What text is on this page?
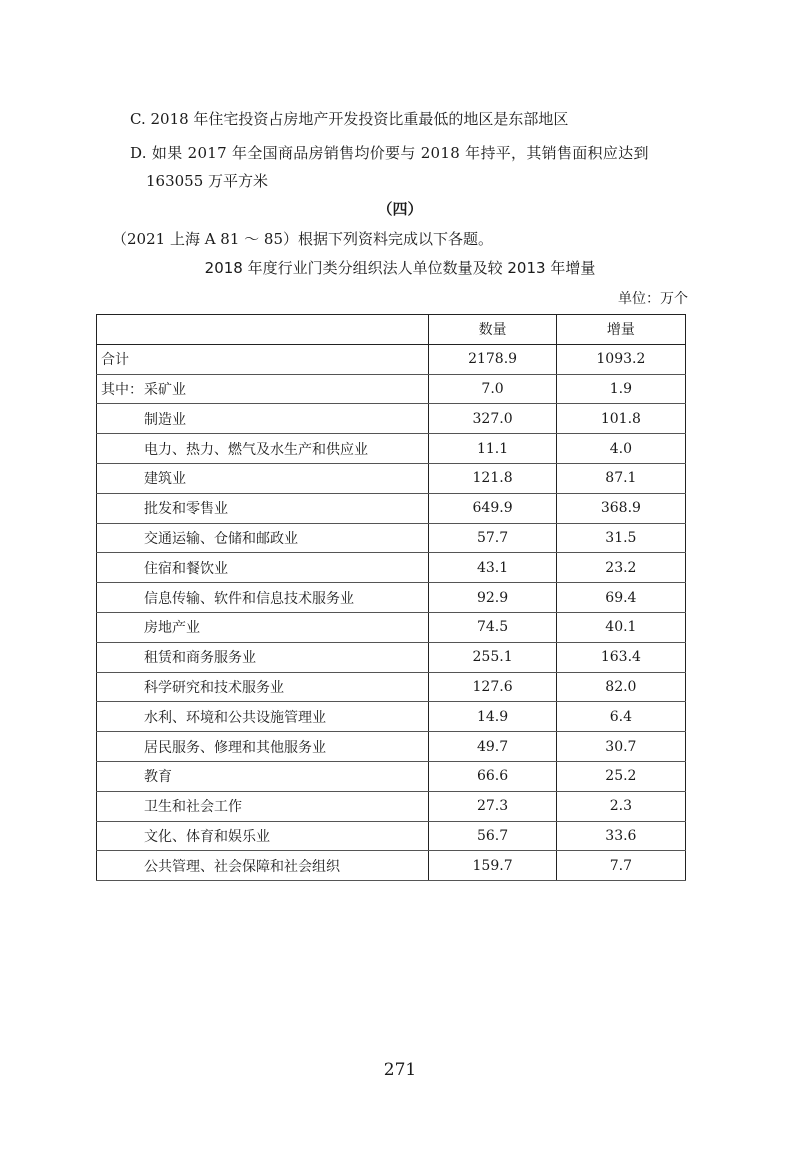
C. 2018 年住宅投资占房地产开发投资比重最低的地区是东部地区
D. 如果 2017 年全国商品房销售均价要与 2018 年持平，其销售面积应达到
163055 万平方米
（四）
（2021 上海 A 81 ～ 85）根据下列资料完成以下各题。
2018 年度行业门类分组织法人单位数量及较 2013 年增量
单位：万个
	数量	增量
合计	2178.9	1093.2
其中：采矿业	7.0	1.9
制造业	327.0	101.8
电力、热力、燃气及水生产和供应业	11.1	4.0
建筑业	121.8	87.1
批发和零售业	649.9	368.9
交通运输、仓储和邮政业	57.7	31.5
住宿和餐饮业	43.1	23.2
信息传输、软件和信息技术服务业	92.9	69.4
房地产业	74.5	40.1
租赁和商务服务业	255.1	163.4
科学研究和技术服务业	127.6	82.0
水利、环境和公共设施管理业	14.9	6.4
居民服务、修理和其他服务业	49.7	30.7
教育	66.6	25.2
卫生和社会工作	27.3	2.3
文化、体育和娱乐业	56.7	33.6
公共管理、社会保障和社会组织	159.7	7.7
271
